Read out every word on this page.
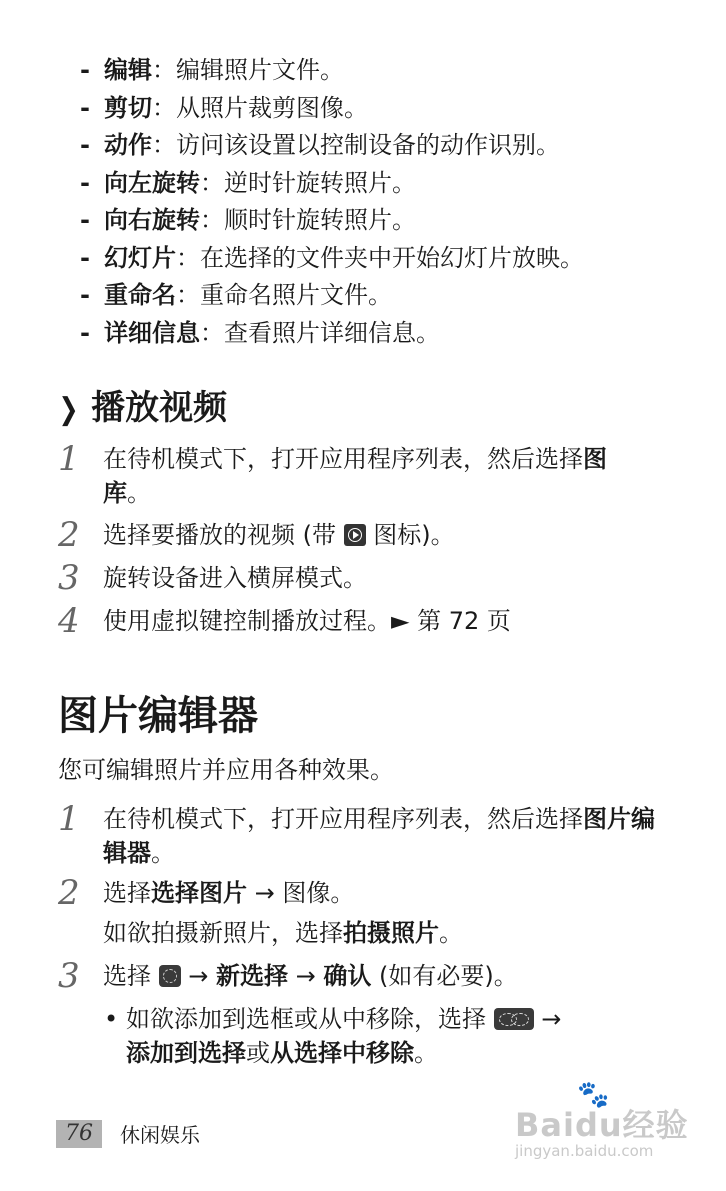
- 编辑：编辑照片文件。
- 剪切：从照片裁剪图像。
- 动作：访问该设置以控制设备的动作识别。
- 向左旋转：逆时针旋转照片。
- 向右旋转：顺时针旋转照片。
- 幻灯片：在选择的文件夹中开始幻灯片放映。
- 重命名：重命名照片文件。
- 详细信息：查看照片详细信息。
❯ 播放视频
1 在待机模式下，打开应用程序列表，然后选择图库。
2 选择要播放的视频 (带 图标)。
3 旋转设备进入横屏模式。
4 使用虚拟键控制播放过程。► 第 72 页
图片编辑器
您可编辑照片并应用各种效果。
1 在待机模式下，打开应用程序列表，然后选择图片编辑器。
2 选择选择图片 → 图像。
如欲拍摄新照片，选择拍摄照片。
3 选择  → 新选择 → 确认 (如有必要)。
• 如欲添加到选框或从中移除，选择  →
添加到选择或从选择中移除。
76 休闲娱乐
🐾
Baidu经验
jingyan.baidu.com
